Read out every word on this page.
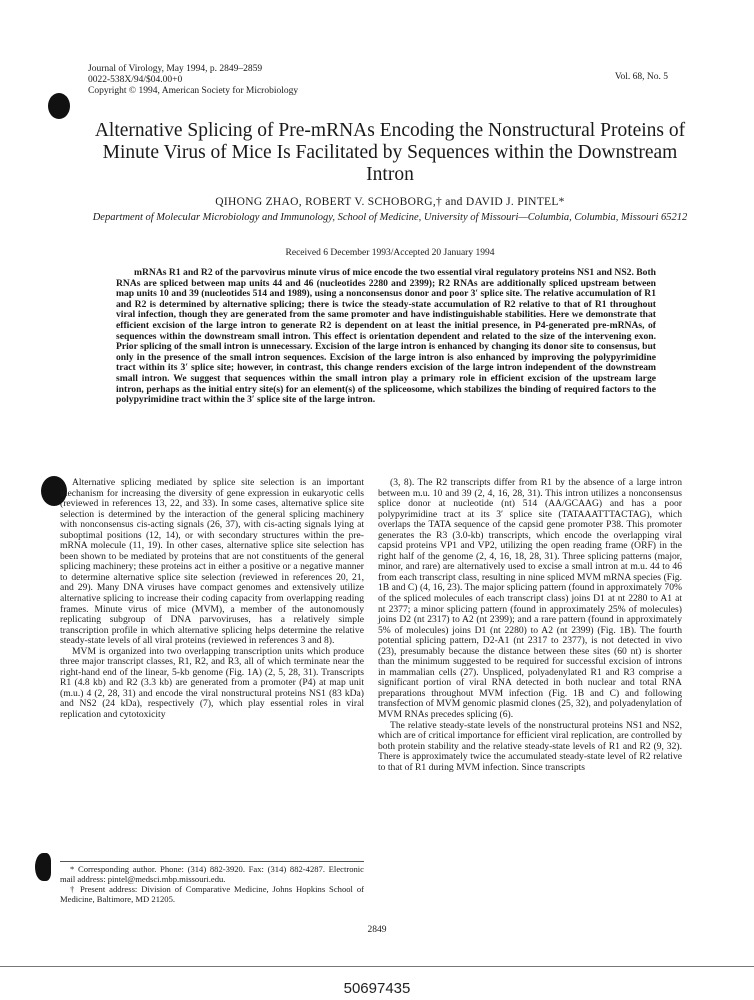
Journal of Virology, May 1994, p. 2849–2859
0022-538X/94/$04.00+0
Copyright © 1994, American Society for Microbiology
Vol. 68, No. 5
Alternative Splicing of Pre-mRNAs Encoding the Nonstructural Proteins of Minute Virus of Mice Is Facilitated by Sequences within the Downstream Intron
QIHONG ZHAO, ROBERT V. SCHOBORG,† and DAVID J. PINTEL*
Department of Molecular Microbiology and Immunology, School of Medicine, University of Missouri—Columbia, Columbia, Missouri 65212
Received 6 December 1993/Accepted 20 January 1994
mRNAs R1 and R2 of the parvovirus minute virus of mice encode the two essential viral regulatory proteins NS1 and NS2. Both RNAs are spliced between map units 44 and 46 (nucleotides 2280 and 2399); R2 RNAs are additionally spliced upstream between map units 10 and 39 (nucleotides 514 and 1989), using a nonconsensus donor and poor 3′ splice site. The relative accumulation of R1 and R2 is determined by alternative splicing; there is twice the steady-state accumulation of R2 relative to that of R1 throughout viral infection, though they are generated from the same promoter and have indistinguishable stabilities. Here we demonstrate that efficient excision of the large intron to generate R2 is dependent on at least the initial presence, in P4-generated pre-mRNAs, of sequences within the downstream small intron. This effect is orientation dependent and related to the size of the intervening exon. Prior splicing of the small intron is unnecessary. Excision of the large intron is enhanced by changing its donor site to consensus, but only in the presence of the small intron sequences. Excision of the large intron is also enhanced by improving the polypyrimidine tract within its 3′ splice site; however, in contrast, this change renders excision of the large intron independent of the downstream small intron. We suggest that sequences within the small intron play a primary role in efficient excision of the upstream large intron, perhaps as the initial entry site(s) for an element(s) of the spliceosome, which stabilizes the binding of required factors to the polypyrimidine tract within the 3′ splice site of the large intron.

Alternative splicing mediated by splice site selection is an important mechanism for increasing the diversity of gene expression in eukaryotic cells (reviewed in references 13, 22, and 33). In some cases, alternative splice site selection is determined by the interaction of the general splicing machinery with nonconsensus cis-acting signals (26, 37), with cis-acting signals lying at suboptimal positions (12, 14), or with secondary structures within the pre-mRNA molecule (11, 19). In other cases, alternative splice site selection has been shown to be mediated by proteins that are not constituents of the general splicing machinery; these proteins act in either a positive or a negative manner to determine alternative splice site selection (reviewed in references 20, 21, and 29). Many DNA viruses have compact genomes and extensively utilize alternative splicing to increase their coding capacity from overlapping reading frames. Minute virus of mice (MVM), a member of the autonomously replicating subgroup of DNA parvoviruses, has a relatively simple transcription profile in which alternative splicing helps determine the relative steady-state levels of all viral proteins (reviewed in references 3 and 8).

MVM is organized into two overlapping transcription units which produce three major transcript classes, R1, R2, and R3, all of which terminate near the right-hand end of the linear, 5-kb genome (Fig. 1A) (2, 5, 28, 31). Transcripts R1 (4.8 kb) and R2 (3.3 kb) are generated from a promoter (P4) at map unit (m.u.) 4 (2, 28, 31) and encode the viral nonstructural proteins NS1 (83 kDa) and NS2 (24 kDa), respectively (7), which play essential roles in viral replication and cytotoxicity

(3, 8). The R2 transcripts differ from R1 by the absence of a large intron between m.u. 10 and 39 (2, 4, 16, 28, 31). This intron utilizes a nonconsensus splice donor at nucleotide (nt) 514 (AA/GCAAG) and has a poor polypyrimidine tract at its 3′ splice site (TATAAATTTACTAG), which overlaps the TATA sequence of the capsid gene promoter P38. This promoter generates the R3 (3.0-kb) transcripts, which encode the overlapping viral capsid proteins VP1 and VP2, utilizing the open reading frame (ORF) in the right half of the genome (2, 4, 16, 18, 28, 31). Three splicing patterns (major, minor, and rare) are alternatively used to excise a small intron at m.u. 44 to 46 from each transcript class, resulting in nine spliced MVM mRNA species (Fig. 1B and C) (4, 16, 23). The major splicing pattern (found in approximately 70% of the spliced molecules of each transcript class) joins D1 at nt 2280 to A1 at nt 2377; a minor splicing pattern (found in approximately 25% of molecules) joins D2 (nt 2317) to A2 (nt 2399); and a rare pattern (found in approximately 5% of molecules) joins D1 (nt 2280) to A2 (nt 2399) (Fig. 1B). The fourth potential splicing pattern, D2-A1 (nt 2317 to 2377), is not detected in vivo (23), presumably because the distance between these sites (60 nt) is shorter than the minimum suggested to be required for successful excision of introns in mammalian cells (27). Unspliced, polyadenylated R1 and R3 comprise a significant portion of viral RNA detected in both nuclear and total RNA preparations throughout MVM infection (Fig. 1B and C) and following transfection of MVM genomic plasmid clones (25, 32), and polyadenylation of MVM RNAs precedes splicing (6).

The relative steady-state levels of the nonstructural proteins NS1 and NS2, which are of critical importance for efficient viral replication, are controlled by both protein stability and the relative steady-state levels of R1 and R2 (9, 32). There is approximately twice the accumulated steady-state level of R2 relative to that of R1 during MVM infection. Since transcripts

* Corresponding author. Phone: (314) 882-3920. Fax: (314) 882-4287. Electronic mail address: pintel@medsci.mbp.missouri.edu.

† Present address: Division of Comparative Medicine, Johns Hopkins School of Medicine, Baltimore, MD 21205.

2849
50697435
